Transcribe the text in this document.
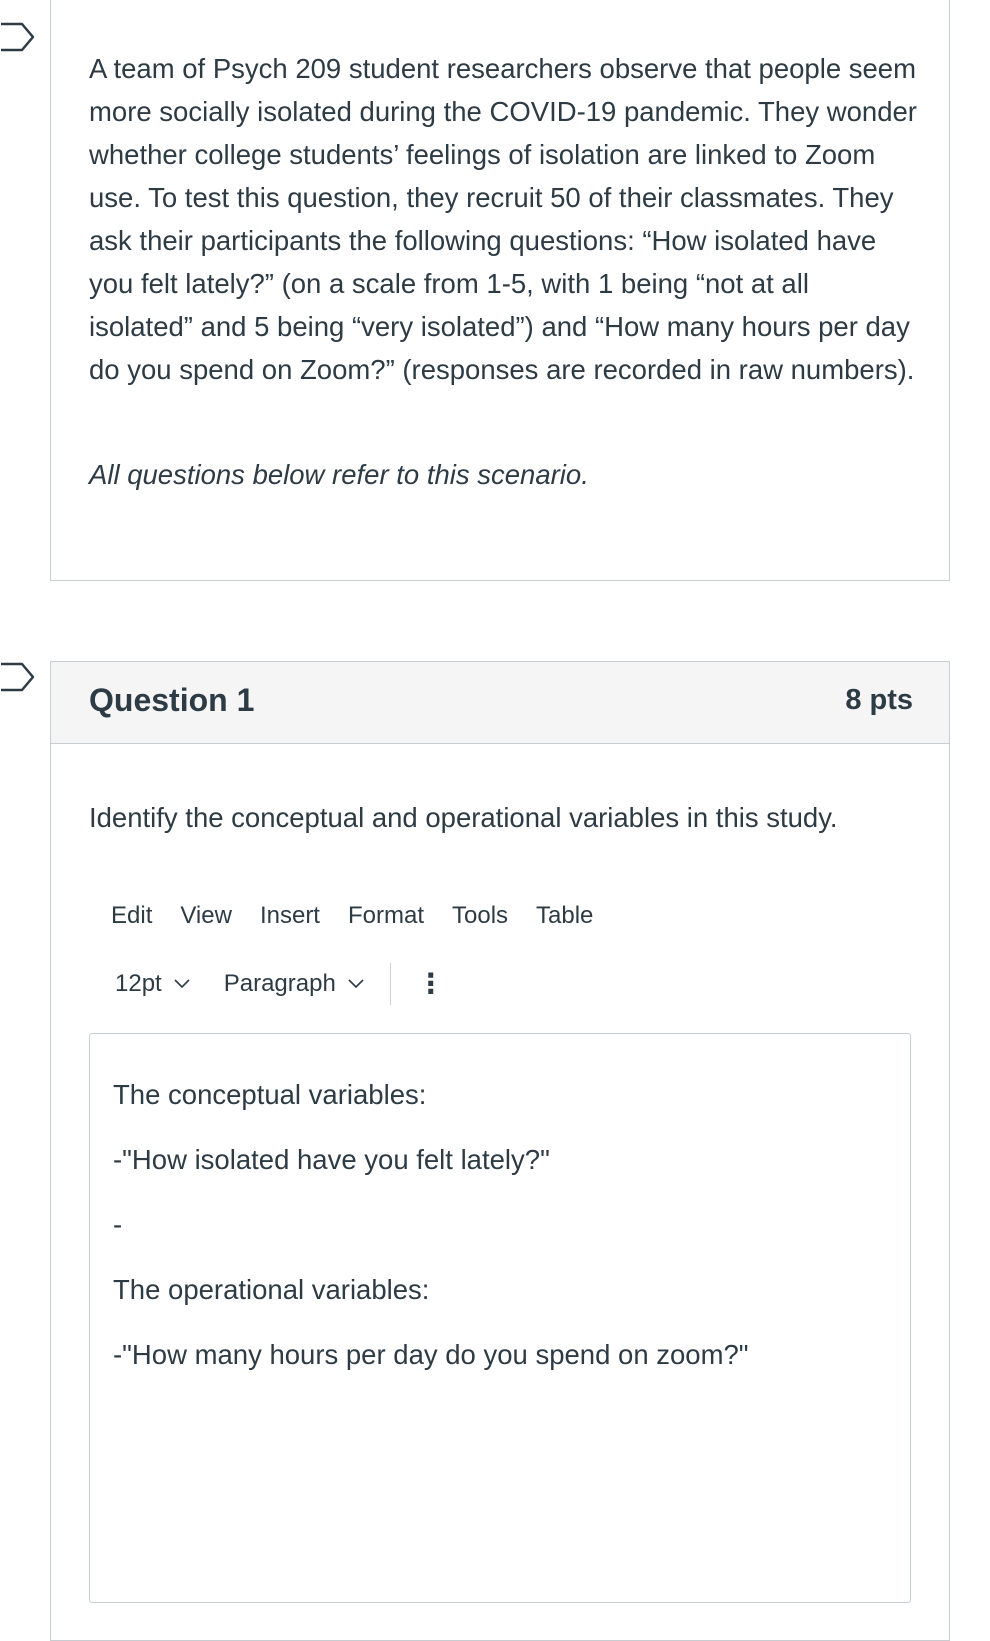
A team of Psych 209 student researchers observe that people seem more socially isolated during the COVID-19 pandemic. They wonder whether college students’ feelings of isolation are linked to Zoom use. To test this question, they recruit 50 of their classmates. They ask their participants the following questions: “How isolated have you felt lately?” (on a scale from 1-5, with 1 being “not at all isolated” and 5 being “very isolated”) and “How many hours per day do you spend on Zoom?” (responses are recorded in raw numbers).

All questions below refer to this scenario.

Question 1	8 pts
Identify the conceptual and operational variables in this study.
Edit View Insert Format Tools Table
12pt	Paragraph	⋮

The conceptual variables:

-"How isolated have you felt lately?"

-

The operational variables:

-"How many hours per day do you spend on zoom?"
